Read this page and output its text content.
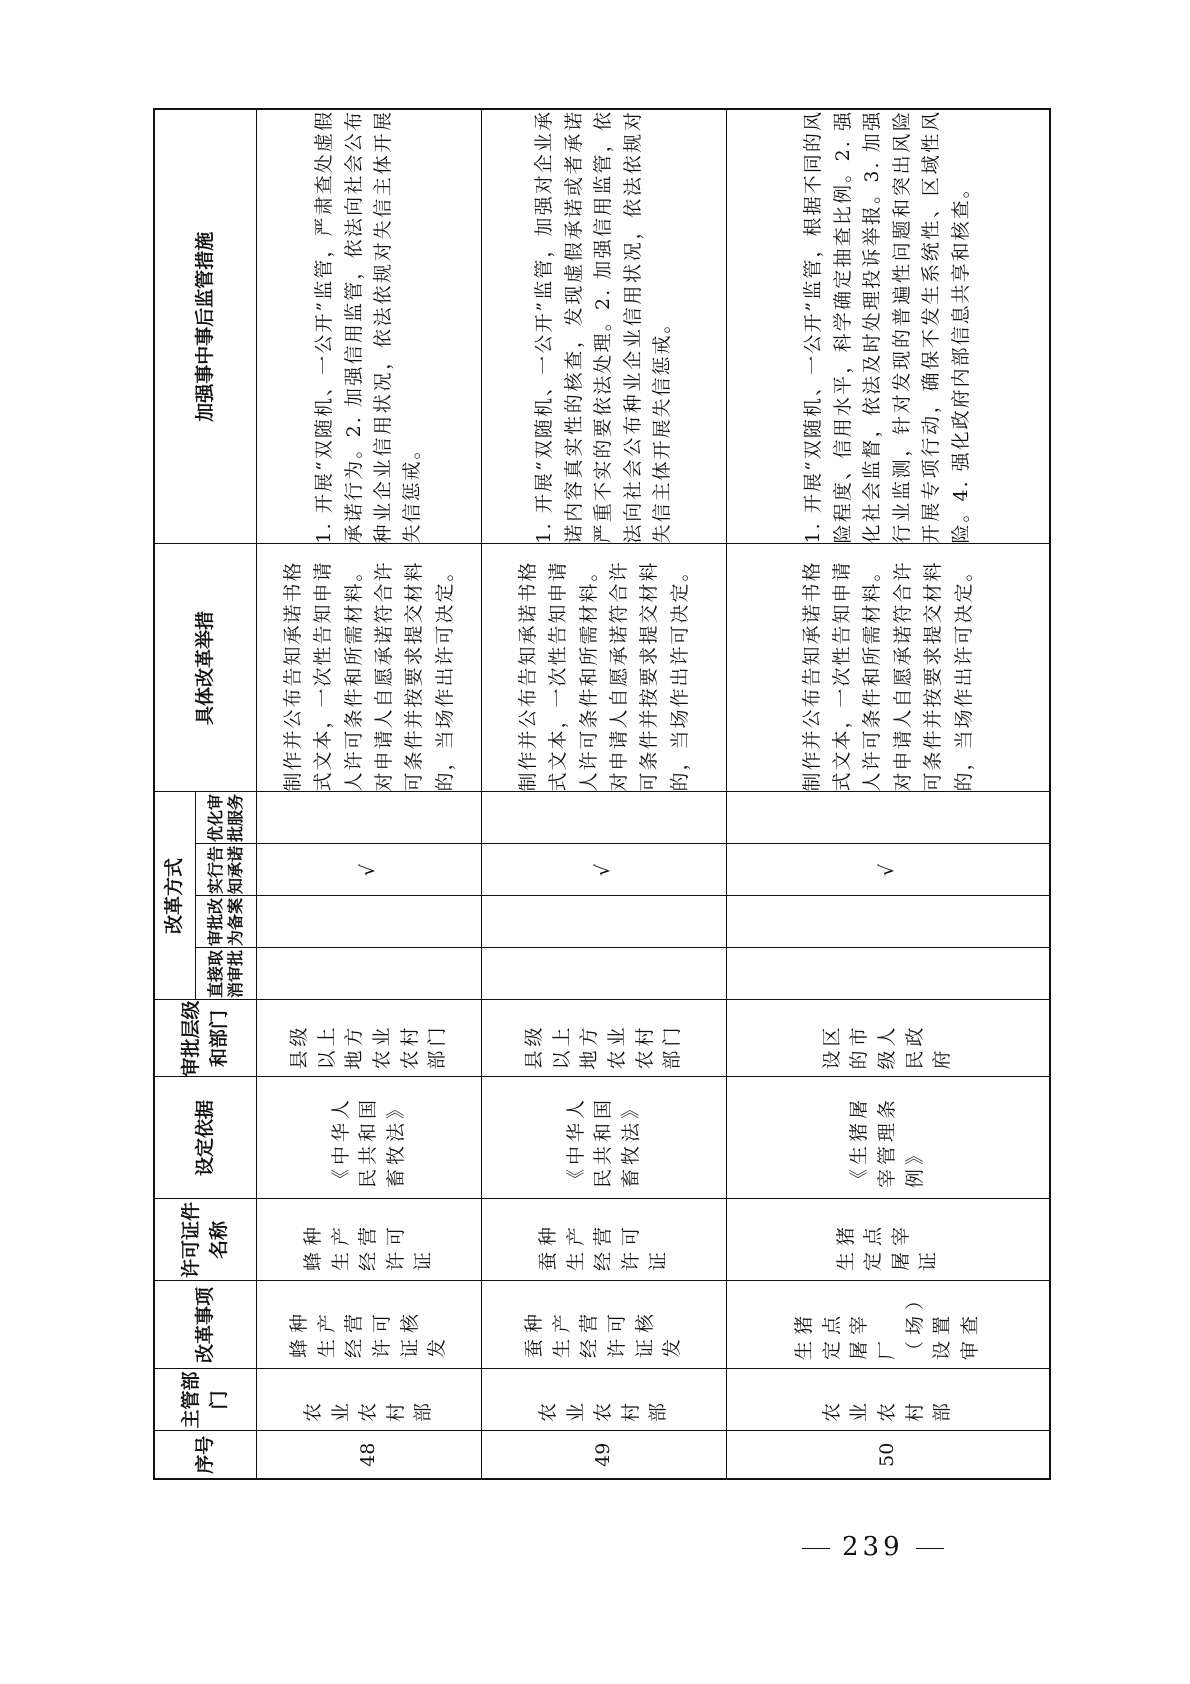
序号	主管部门	改革事项	许可证件名称	设定依据	审批层级和部门	改革方式				具体改革举措	加强事中事后监管措施
						直接取消审批	审批改为备案	实行告知承诺	优化审批服务		
48	农业农村部	蜂种生产经营许可证核发	蜂种生产经营许可证	《中华人民共和国畜牧法》	县级以上地方农业农村部门			√		制作并公布告知承诺书格式文本，一次性告知申请人许可条件和所需材料。对申请人自愿承诺符合许可条件并按要求提交材料的，当场作出许可决定。	1. 开展“双随机、一公开”监管，严肃查处虚假承诺行为。2. 加强信用监管，依法向社会公布种业企业信用状况，依法依规对失信主体开展失信惩戒。
49	农业农村部	蚕种生产经营许可证核发	蚕种生产经营许可证	《中华人民共和国畜牧法》	县级以上地方农业农村部门			√		制作并公布告知承诺书格式文本，一次性告知申请人许可条件和所需材料。对申请人自愿承诺符合许可条件并按要求提交材料的，当场作出许可决定。	1. 开展“双随机、一公开”监管，加强对企业承诺内容真实性的核查，发现虚假承诺或者承诺严重不实的要依法处理。2. 加强信用监管，依法向社会公布种业企业信用状况，依法依规对失信主体开展失信惩戒。
50	农业农村部	生猪定点屠宰厂（场）设置审查	生猪定点屠宰证	《生猪屠宰管理条例》	设区的市级人民政府			√		制作并公布告知承诺书格式文本，一次性告知申请人许可条件和所需材料。对申请人自愿承诺符合许可条件并按要求提交材料的，当场作出许可决定。	1. 开展“双随机、一公开”监管，根据不同的风险程度、信用水平，科学确定抽查比例。2. 强化社会监督，依法及时处理投诉举报。3. 加强行业监测，针对发现的普遍性问题和突出风险开展专项行动，确保不发生系统性、区域性风险。4. 强化政府内部信息共享和核查。
239
